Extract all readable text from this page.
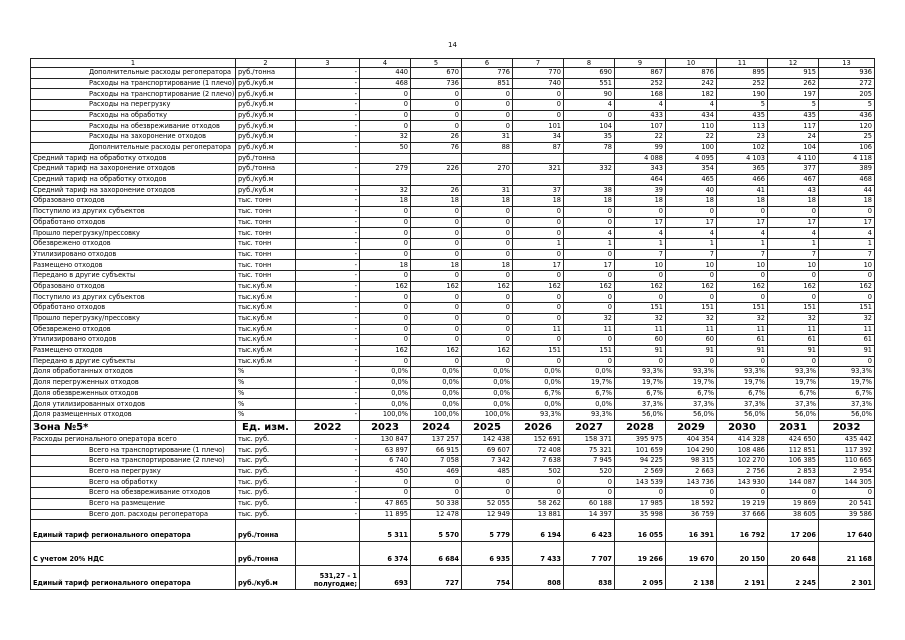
14
1	2	3	4	5	6	7	8	9	10	11	12	13
Дополнительные расходы регоператора	руб./тонна	-	440	670	776	770	690	867	876	895	915	936
Расходы на транспортирование (1 плечо)	руб./куб.м	-	468	736	851	740	551	252	242	252	262	272
Расходы на транспортирование (2 плечо)	руб./куб.м	-	0	0	0	0	90	168	182	190	197	205
Расходы на перегрузку	руб./куб.м	-	0	0	0	0	4	4	4	5	5	5
Расходы на обработку	руб./куб.м	-	0	0	0	0	0	433	434	435	435	436
Расходы на обезвреживание отходов	руб./куб.м	-	0	0	0	101	104	107	110	113	117	120
Расходы на захоронение отходов	руб./куб.м	-	32	26	31	34	35	22	22	23	24	25
Дополнительные расходы регоператора	руб./куб.м	-	50	76	88	87	78	99	100	102	104	106
Средний тариф на обработку отходов	руб./тонна							4 088	4 095	4 103	4 110	4 118
Средний тариф на захоронение отходов	руб./тонна	-	279	226	270	321	332	343	354	365	377	389
Средний тариф на обработку отходов	руб./куб.м							464	465	466	467	468
Средний тариф на захоронение отходов	руб./куб.м	-	32	26	31	37	38	39	40	41	43	44
Образовано отходов	тыс. тонн	-	18	18	18	18	18	18	18	18	18	18
Поступило из других субъектов	тыс. тонн	-	0	0	0	0	0	0	0	0	0	0
Обработано отходов	тыс. тонн	-	0	0	0	0	0	17	17	17	17	17
Прошло перегрузку/прессовку	тыс. тонн	-	0	0	0	0	4	4	4	4	4	4
Обезврежено отходов	тыс. тонн	-	0	0	0	1	1	1	1	1	1	1
Утилизировано отходов	тыс. тонн	-	0	0	0	0	0	7	7	7	7	7
Размещено отходов	тыс. тонн	-	18	18	18	17	17	10	10	10	10	10
Передано в другие субъекты	тыс. тонн	-	0	0	0	0	0	0	0	0	0	0
Образовано отходов	тыс.куб.м	-	162	162	162	162	162	162	162	162	162	162
Поступило из других субъектов	тыс.куб.м	-	0	0	0	0	0	0	0	0	0	0
Обработано отходов	тыс.куб.м	-	0	0	0	0	0	151	151	151	151	151
Прошло перегрузку/прессовку	тыс.куб.м	-	0	0	0	0	32	32	32	32	32	32
Обезврежено отходов	тыс.куб.м	-	0	0	0	11	11	11	11	11	11	11
Утилизировано отходов	тыс.куб.м	-	0	0	0	0	0	60	60	61	61	61
Размещено отходов	тыс.куб.м	-	162	162	162	151	151	91	91	91	91	91
Передано в другие субъекты	тыс.куб.м	-	0	0	0	0	0	0	0	0	0	0
Доля обработанных отходов	%	-	0,0%	0,0%	0,0%	0,0%	0,0%	93,3%	93,3%	93,3%	93,3%	93,3%
Доля перегруженных отходов	%	-	0,0%	0,0%	0,0%	0,0%	19,7%	19,7%	19,7%	19,7%	19,7%	19,7%
Доля обезвреженных отходов	%	-	0,0%	0,0%	0,0%	6,7%	6,7%	6,7%	6,7%	6,7%	6,7%	6,7%
Доля утилизированных отходов	%	-	0,0%	0,0%	0,0%	0,0%	0,0%	37,3%	37,3%	37,3%	37,3%	37,3%
Доля размещенных отходов	%	-	100,0%	100,0%	100,0%	93,3%	93,3%	56,0%	56,0%	56,0%	56,0%	56,0%
Зона №5*	Ед. изм.	2022	2023	2024	2025	2026	2027	2028	2029	2030	2031	2032
Расходы регионального оператора всего	тыс. руб.	-	130 847	137 257	142 438	152 691	158 371	395 975	404 354	414 328	424 650	435 442
Всего на транспортирование (1 плечо)	тыс. руб.	-	63 897	66 915	69 607	72 408	75 321	101 659	104 290	108 486	112 851	117 392
Всего на транспортирование (2 плечо)	тыс. руб.	-	6 740	7 058	7 342	7 638	7 945	94 225	98 315	102 270	106 385	110 665
Всего на перегрузку	тыс. руб.	-	450	469	485	502	520	2 569	2 663	2 756	2 853	2 954
Всего на обработку	тыс. руб.	-	0	0	0	0	0	143 539	143 736	143 930	144 087	144 305
Всего на обезвреживание отходов	тыс. руб.	-	0	0	0	0	0	0	0	0	0	0
Всего на размещение	тыс. руб.	-	47 865	50 338	52 055	58 262	60 188	17 985	18 592	19 219	19 869	20 541
Всего доп. расходы регоператора	тыс. руб.	-	11 895	12 478	12 949	13 881	14 397	35 998	36 759	37 666	38 605	39 586
Единый тариф регионального оператора	руб./тонна		5 311	5 570	5 779	6 194	6 423	16 055	16 391	16 792	17 206	17 640
С учетом 20% НДС	руб./тонна		6 374	6 684	6 935	7 433	7 707	19 266	19 670	20 150	20 648	21 168
Единый тариф регионального оператора	руб./куб.м	531,27 - 1 полугодие;	693	727	754	808	838	2 095	2 138	2 191	2 245	2 301
